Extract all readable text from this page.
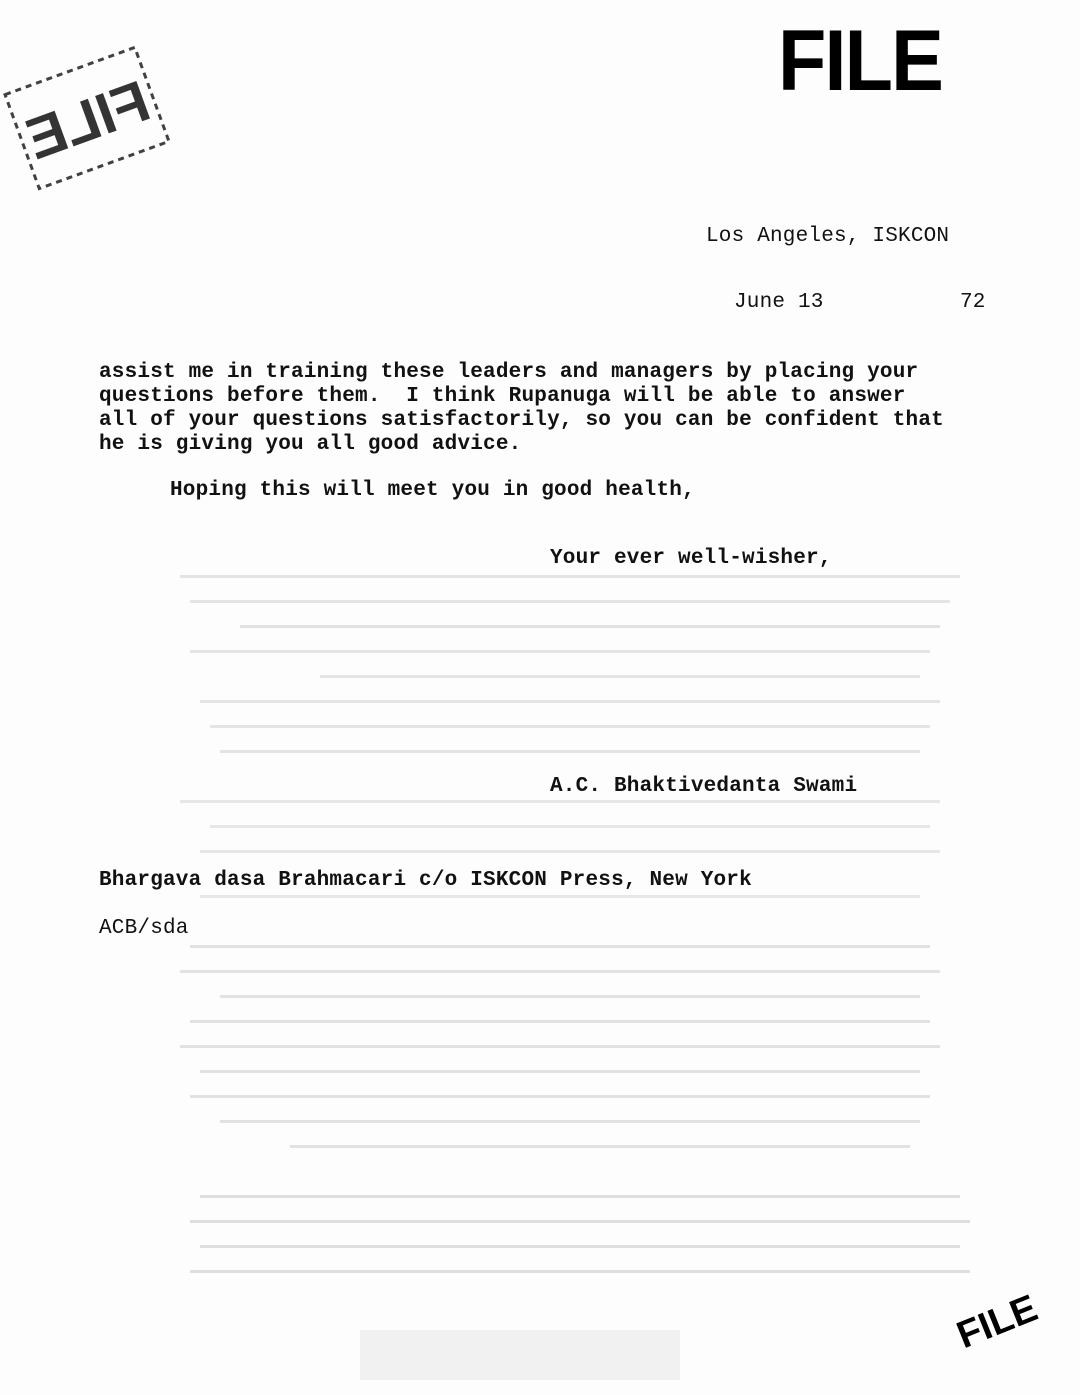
FILE
FILE
FILE
Los Angeles, ISKCON
June 13	72
assist me in training these leaders and managers by placing your
questions before them.  I think Rupanuga will be able to answer
all of your questions satisfactorily, so you can be confident that
he is giving you all good advice.
Hoping this will meet you in good health,
Your ever well-wisher,
A.C. Bhaktivedanta Swami
Bhargava dasa Brahmacari c/o ISKCON Press, New York
ACB/sda
